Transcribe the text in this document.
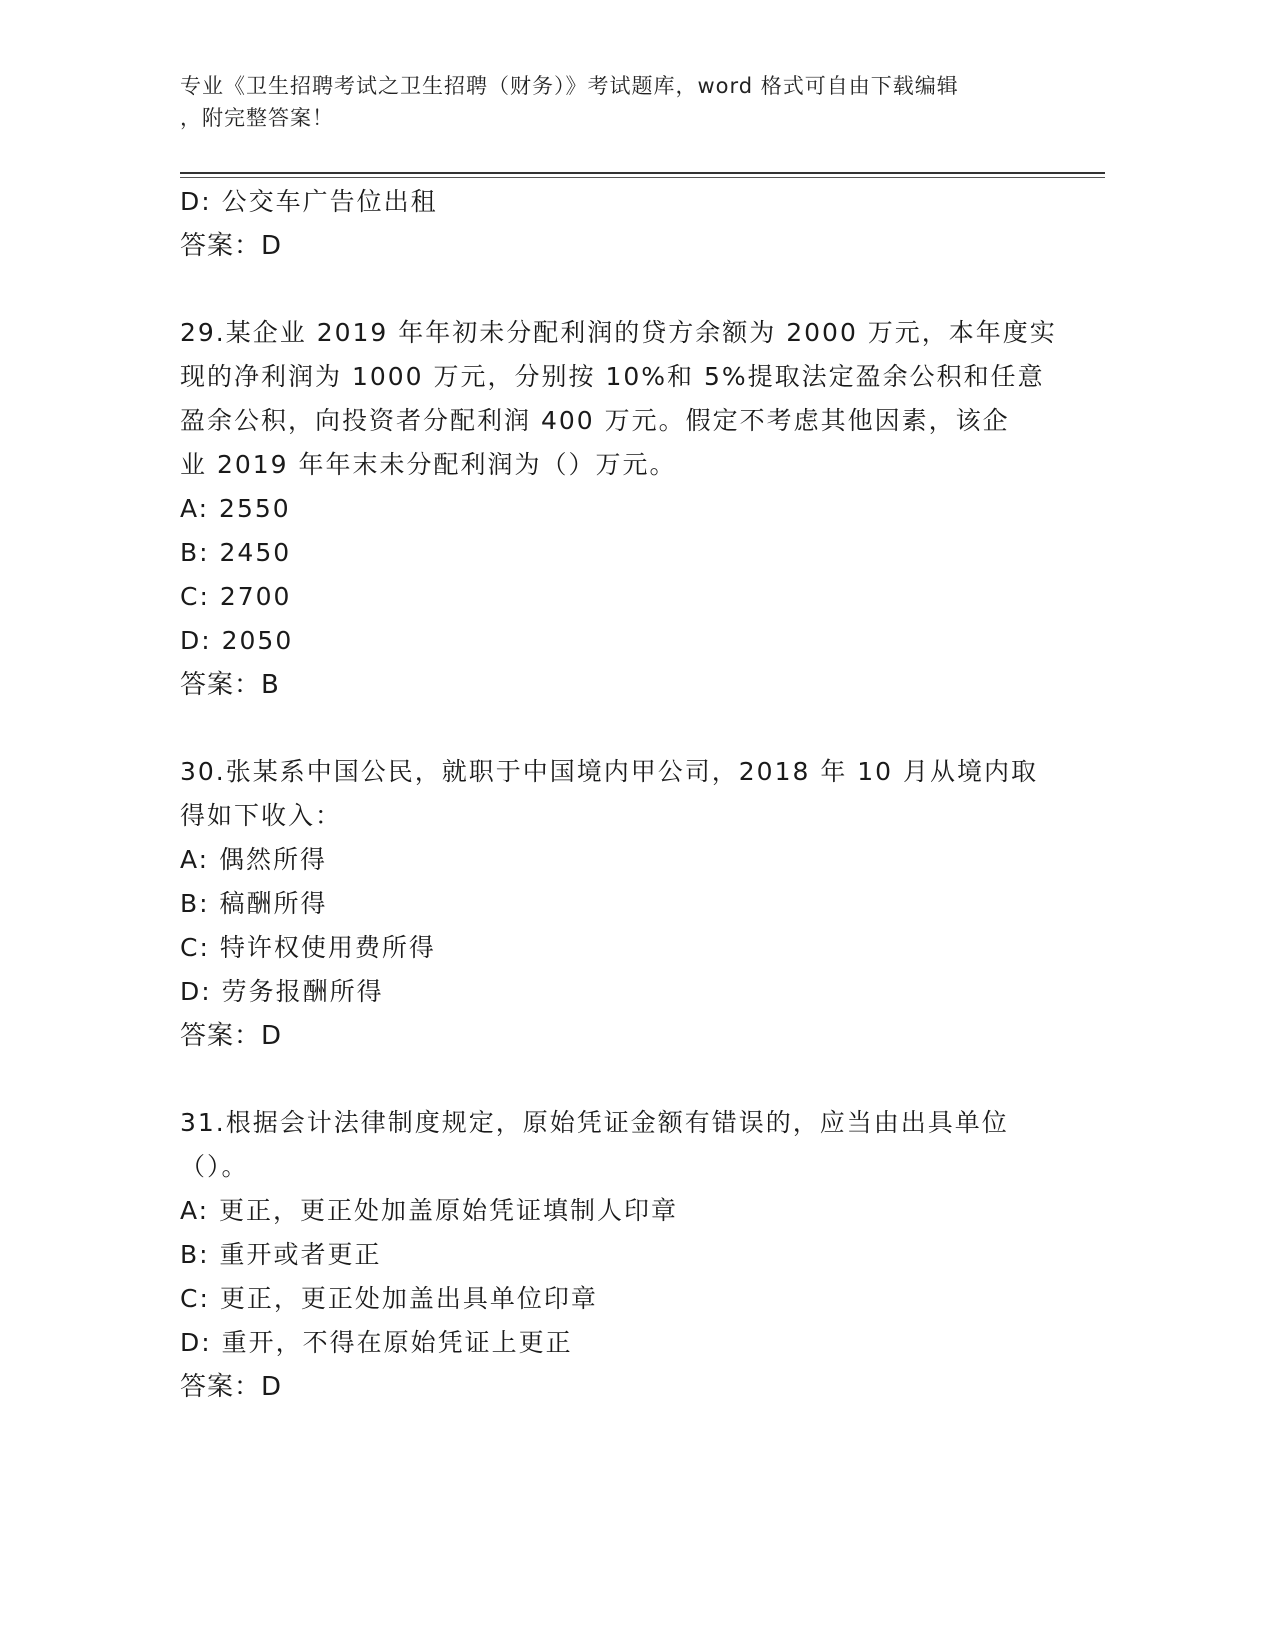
专业《卫生招聘考试之卫生招聘（财务）》考试题库，word 格式可自由下载编辑
，附完整答案！
D: 公交车广告位出租
答案：D
29.某企业 2019 年年初未分配利润的贷方余额为 2000 万元，本年度实
现的净利润为 1000 万元，分别按 10%和 5%提取法定盈余公积和任意
盈余公积，向投资者分配利润 400 万元。假定不考虑其他因素，该企
业 2019 年年末未分配利润为（）万元。
A: 2550
B: 2450
C: 2700
D: 2050
答案：B
30.张某系中国公民，就职于中国境内甲公司，2018 年 10 月从境内取
得如下收入：
A: 偶然所得
B: 稿酬所得
C: 特许权使用费所得
D: 劳务报酬所得
答案：D
31.根据会计法律制度规定，原始凭证金额有错误的，应当由出具单位
（）。
A: 更正，更正处加盖原始凭证填制人印章
B: 重开或者更正
C: 更正，更正处加盖出具单位印章
D: 重开，不得在原始凭证上更正
答案：D
